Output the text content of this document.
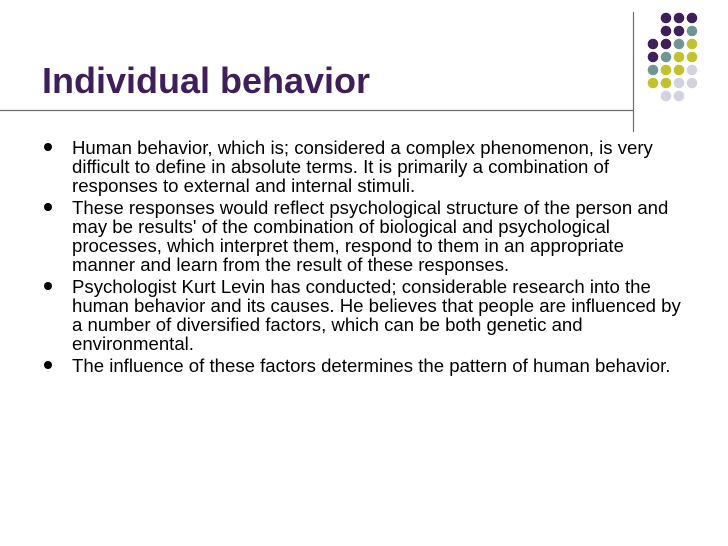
Individual behavior
Human behavior, which is; considered a complex phenomenon, is very difficult to define in absolute terms. It is primarily a combination of responses to external and internal stimuli.
These responses would reflect psychological structure of the person and may be results' of the combination of biological and psychological processes, which interpret them, respond to them in an appropriate manner and learn from the result of these responses.
Psychologist Kurt Levin has conducted; considerable research into the human behavior and its causes. He believes that people are influenced by a number of diversified factors, which can be both genetic and environmental.
The influence of these factors determines the pattern of human behavior.
